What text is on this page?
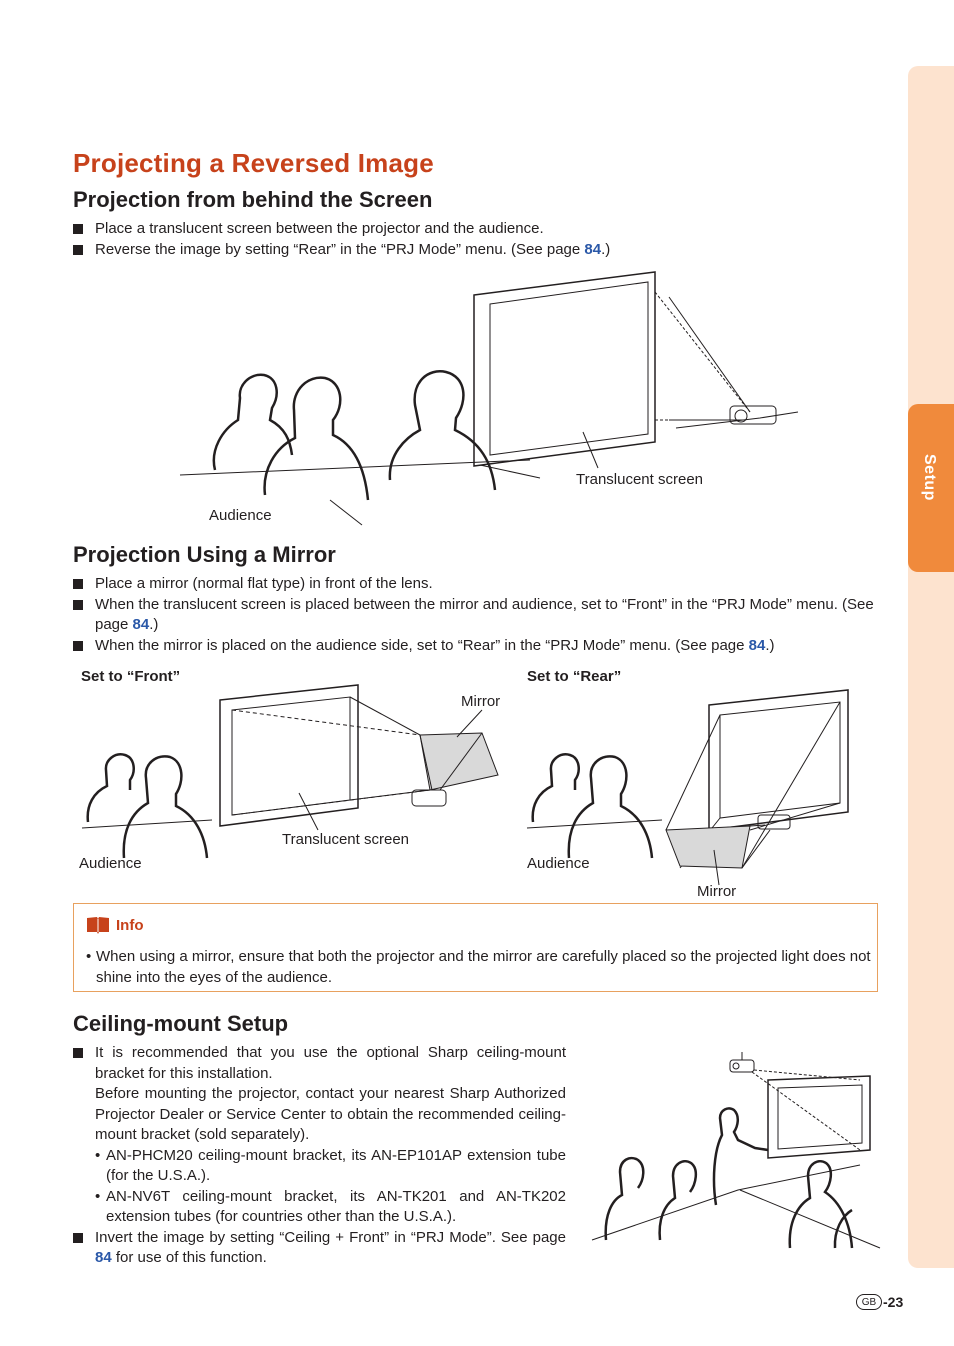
Setup
Projecting a Reversed Image
Projection from behind the Screen
Place a translucent screen between the projector and the audience.
Reverse the image by setting “Rear” in the “PRJ Mode” menu. (See page 84.)
Translucent screen
Audience
Projection Using a Mirror
Place a mirror (normal flat type) in front of the lens.
When the translucent screen is placed between the mirror and audience, set to “Front” in the “PRJ Mode” menu. (See page 84.)
When the mirror is placed on the audience side, set to “Rear” in the “PRJ Mode” menu. (See page 84.)
Set to “Front”	Set to “Rear”
Mirror
Translucent screen
Audience	Audience
Mirror
Info

• When using a mirror, ensure that both the projector and the mirror are carefully placed so the projected light does not shine into the eyes of the audience.

Ceiling-mount Setup
It is recommended that you use the optional Sharp ceiling-mount bracket for this installation.
Before mounting the projector, contact your nearest Sharp Authorized Projector Dealer or Service Center to obtain the recommended ceiling-mount bracket (sold separately).
• AN-PHCM20 ceiling-mount bracket, its AN-EP101AP extension tube (for the U.S.A.).
• AN-NV6T ceiling-mount bracket, its AN-TK201 and AN-TK202 extension tubes (for countries other than the U.S.A.).
Invert the image by setting “Ceiling + Front” in “PRJ Mode”. See page 84 for use of this function.
GB -23
